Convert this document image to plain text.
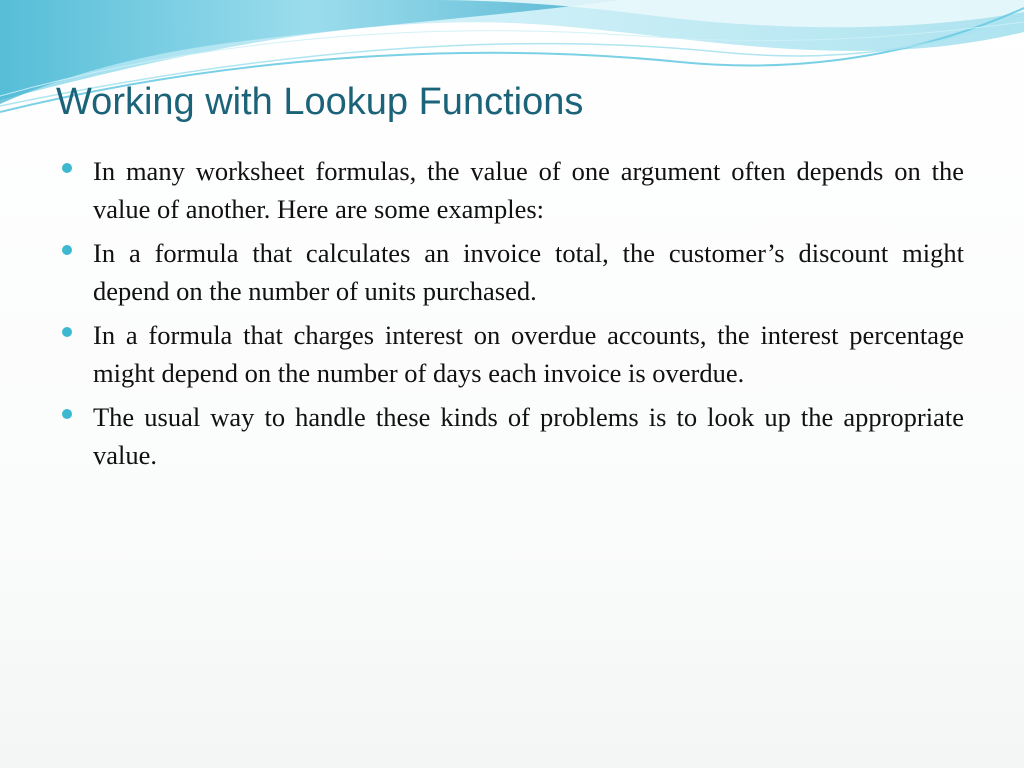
Working with Lookup Functions
In many worksheet formulas, the value of one argument often depends on the value of another. Here are some examples:
In a formula that calculates an invoice total, the customer’s discount might depend on the number of units purchased.
In a formula that charges interest on overdue accounts, the interest percentage might depend on the number of days each invoice is overdue.
The usual way to handle these kinds of problems is to look up the appropriate value.
